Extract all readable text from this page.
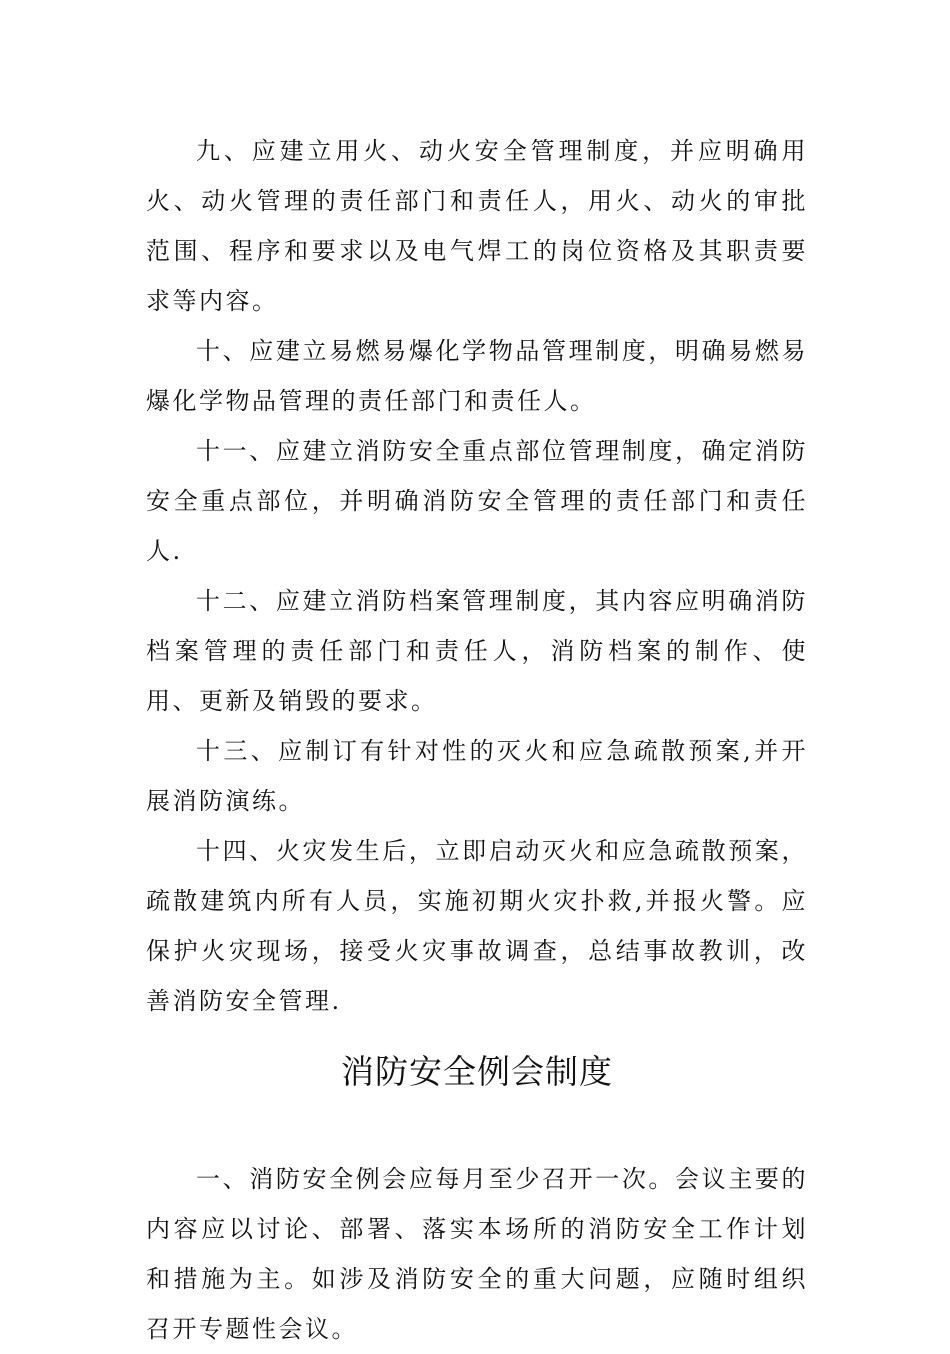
九、应建立用火、动火安全管理制度，并应明确用火、动火管理的责任部门和责任人，用火、动火的审批范围、程序和要求以及电气焊工的岗位资格及其职责要求等内容。

十、应建立易燃易爆化学物品管理制度，明确易燃易爆化学物品管理的责任部门和责任人。

十一、应建立消防安全重点部位管理制度，确定消防安全重点部位，并明确消防安全管理的责任部门和责任人.

十二、应建立消防档案管理制度，其内容应明确消防档案管理的责任部门和责任人，消防档案的制作、使用、更新及销毁的要求。

十三、应制订有针对性的灭火和应急疏散预案,并开展消防演练。

十四、火灾发生后，立即启动灭火和应急疏散预案，疏散建筑内所有人员，实施初期火灾扑救,并报火警。应保护火灾现场，接受火灾事故调查，总结事故教训，改善消防安全管理.

消防安全例会制度

一、消防安全例会应每月至少召开一次。会议主要的内容应以讨论、部署、落实本场所的消防安全工作计划和措施为主。如涉及消防安全的重大问题，应随时组织召开专题性会议。
